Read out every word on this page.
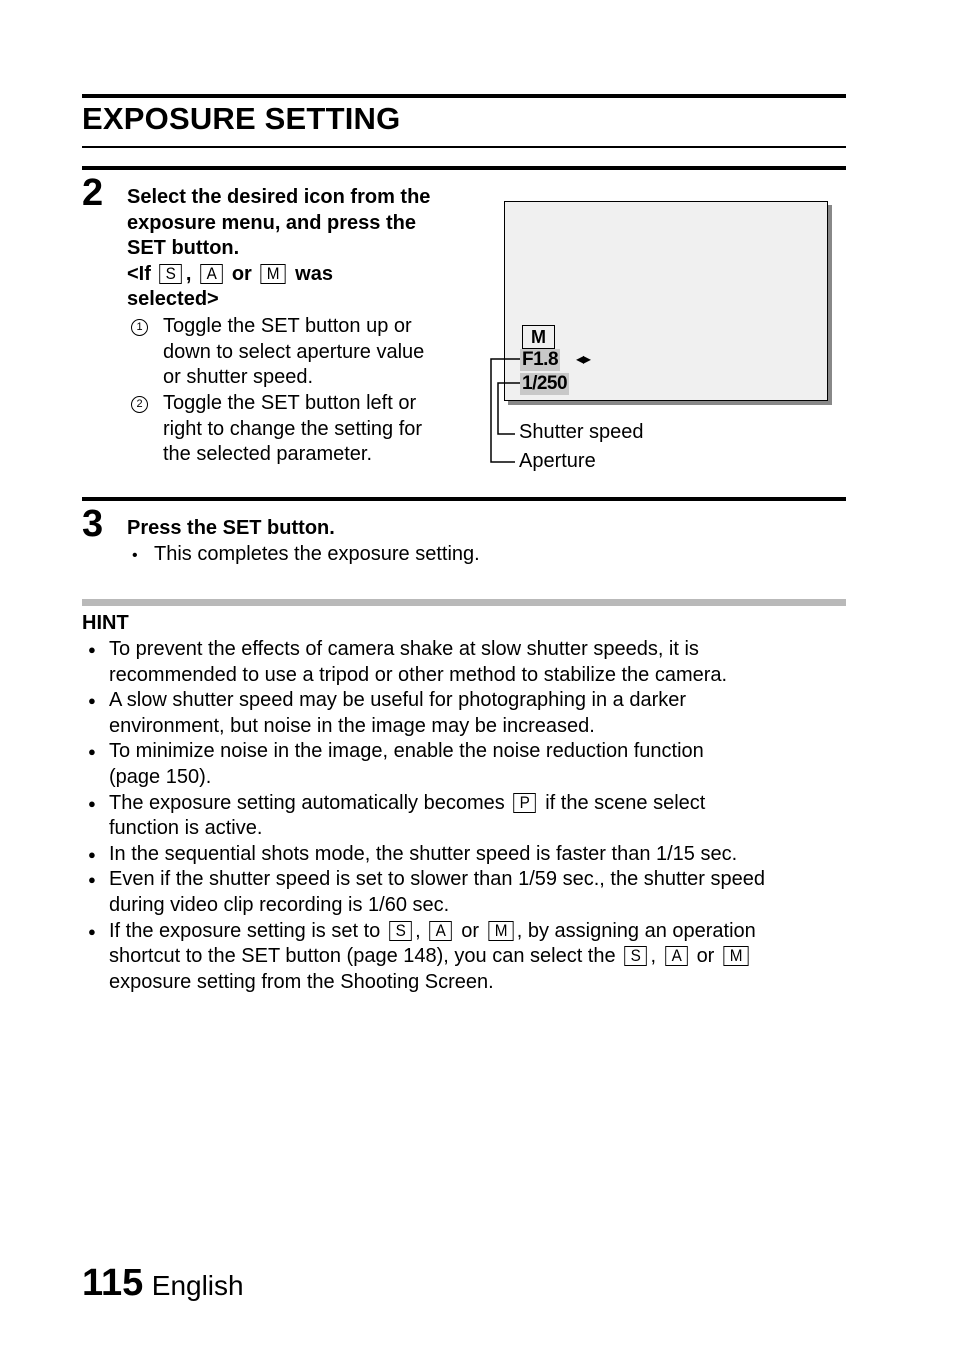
EXPOSURE SETTING
2 Select the desired icon from the
exposure menu, and press the
SET button.
<If S , A or M was
selected>
1 Toggle the SET button up or
down to select aperture value
or shutter speed.
2 Toggle the SET button left or
right to change the setting for
the selected parameter.
M
F1.8 ◂▸
1/250
Shutter speed
Aperture
3 Press the SET button.
• This completes the exposure setting.
HINT
● To prevent the effects of camera shake at slow shutter speeds, it is
recommended to use a tripod or other method to stabilize the camera.
● A slow shutter speed may be useful for photographing in a darker
environment, but noise in the image may be increased.
● To minimize noise in the image, enable the noise reduction function
(page 150).
● The exposure setting automatically becomes P if the scene select
function is active.
● In the sequential shots mode, the shutter speed is faster than 1/15 sec.
● Even if the shutter speed is set to slower than 1/59 sec., the shutter speed
during video clip recording is 1/60 sec.
● If the exposure setting is set to S , A or M , by assigning an operation
shortcut to the SET button (page 148), you can select the S , A or M
exposure setting from the Shooting Screen.
115 English
